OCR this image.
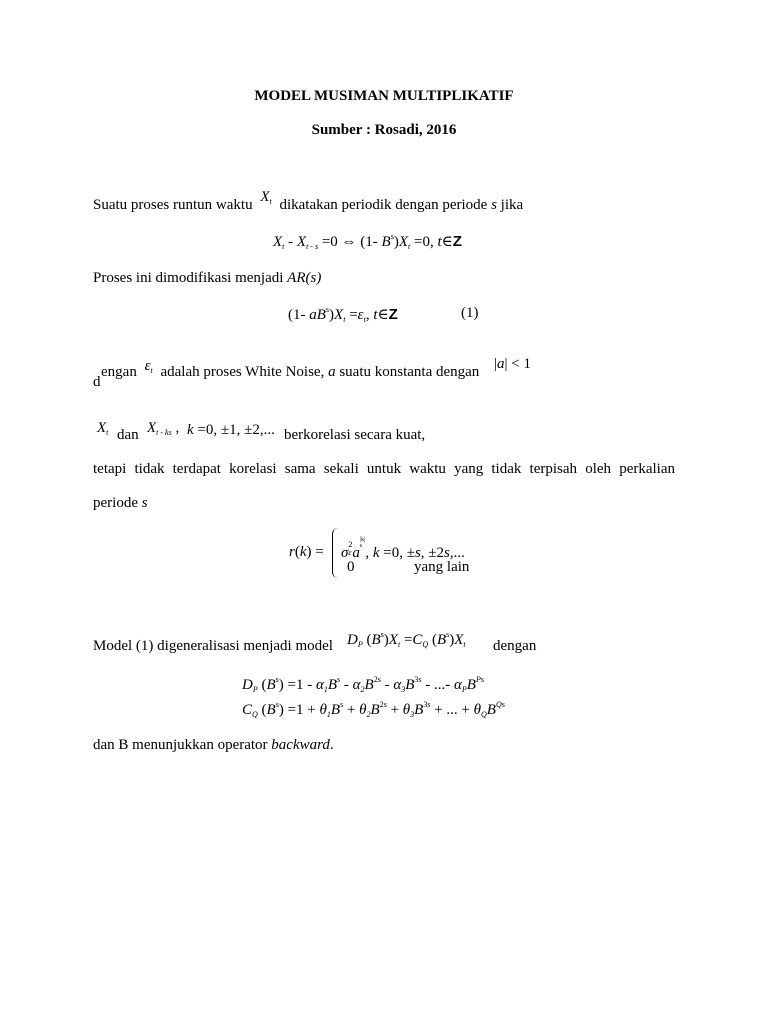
MODEL MUSIMAN MULTIPLIKATIF
Sumber : Rosadi, 2016
Suatu proses runtun waktu $X_t$ dikatakan periodik dengan periode s jika
$X_t - X_{t - s} =0$ ⇔ (1- $B^s)X_t =0$, t∈Z
Proses ini dimodifikasi menjadi AR(s)
(1- $aB^s)X_t =\varepsilon_t$, t∈Z	(1)
d
engan $\varepsilon_t$ adalah proses White Noise, a suatu konstanta dengan |a| < 1
$X_t$ dan $X_{t - ks}$ , k =0, ±1, ±2,... berkorelasi secara kuat,
tetapi tidak terdapat korelasi sama sekali untuk waktu yang tidak terpisah oleh perkalian
periode s
r(k) = σ
2
ε a
|k|
s , k =0, ±s, ±2s,...
0	yang lain
Model (1) digeneralisasi menjadi model $D_P$ $(B^s)X_t =C_Q$ $(B^s)X_t$ dengan
$D_P$ $(B^s) =1 - \alpha_1B^s - \alpha_2B^{2s} - \alpha_3B^{3s}$ - ...- $\alpha_PB^{Ps}$
$C_Q$ $(B^s) =1 + \theta_1B^s + \theta_2B^{2s} + \theta_3B^{3s}$ + ... + $\theta_QB^{Qs}$
dan B menunjukkan operator backward.
